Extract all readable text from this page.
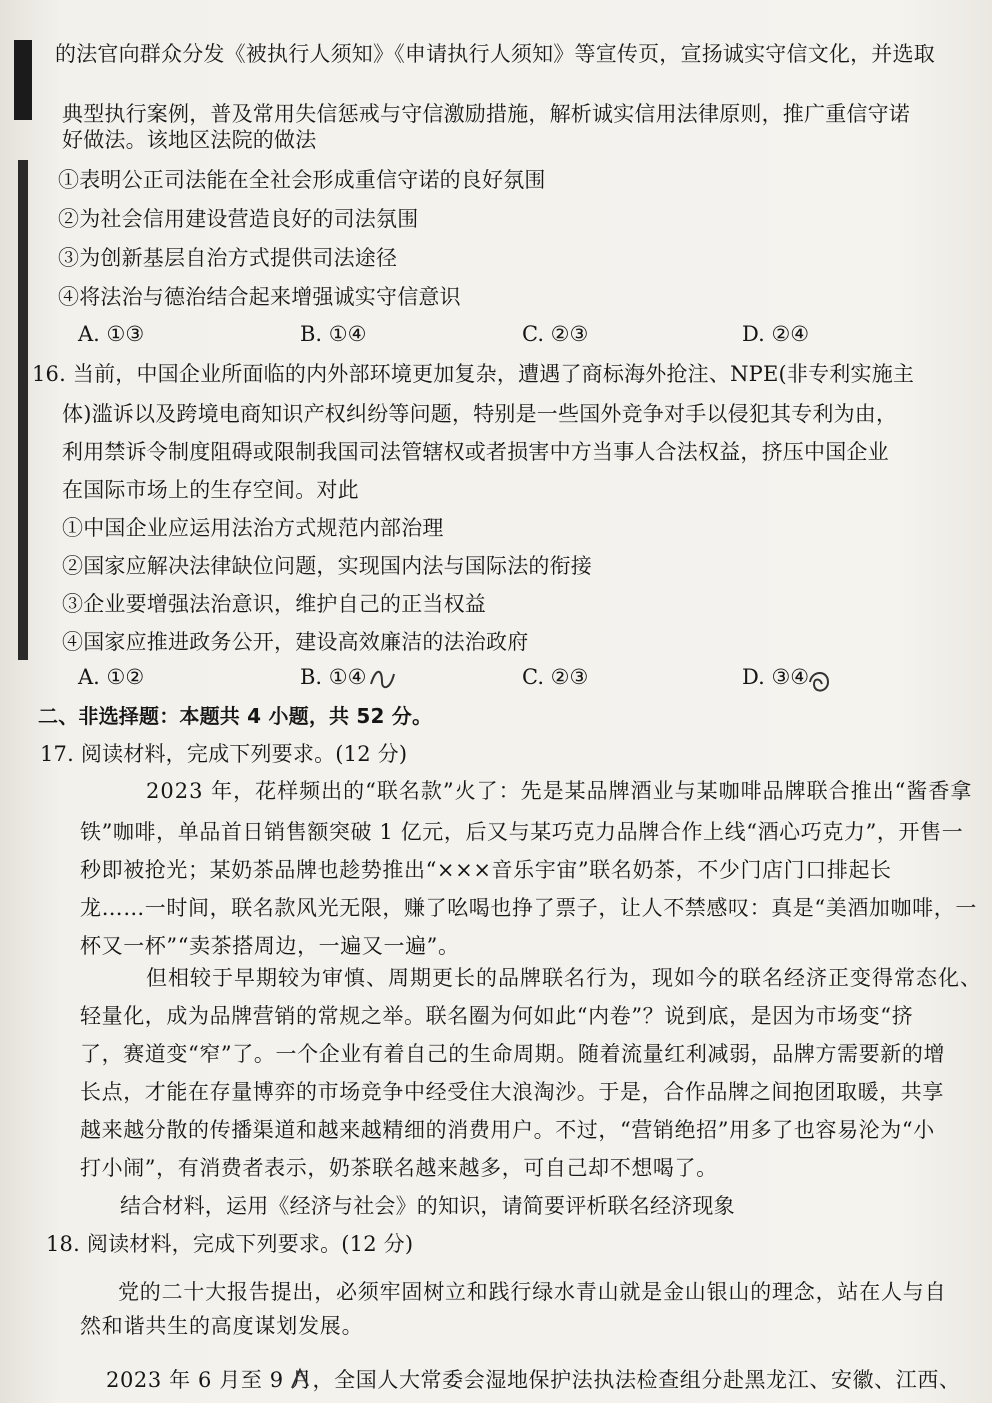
的法官向群众分发《被执行人须知》《申请执行人须知》等宣传页，宣扬诚实守信文化，并选取
典型执行案例，普及常用失信惩戒与守信激励措施，解析诚实信用法律原则，推广重信守诺
好做法。该地区法院的做法
①表明公正司法能在全社会形成重信守诺的良好氛围
②为社会信用建设营造良好的司法氛围
③为创新基层自治方式提供司法途径
④将法治与德治结合起来增强诚实守信意识
A. ①③	B. ①④	C. ②③	D. ②④
16. 当前，中国企业所面临的内外部环境更加复杂，遭遇了商标海外抢注、NPE(非专利实施主
体)滥诉以及跨境电商知识产权纠纷等问题，特别是一些国外竞争对手以侵犯其专利为由，
利用禁诉令制度阻碍或限制我国司法管辖权或者损害中方当事人合法权益，挤压中国企业
在国际市场上的生存空间。对此
①中国企业应运用法治方式规范内部治理
②国家应解决法律缺位问题，实现国内法与国际法的衔接
③企业要增强法治意识，维护自己的正当权益
④国家应推进政务公开，建设高效廉洁的法治政府
A. ①②	B. ①④	C. ②③	D. ③④
二、非选择题：本题共 4 小题，共 52 分。
17. 阅读材料，完成下列要求。(12 分)
2023 年，花样频出的“联名款”火了：先是某品牌酒业与某咖啡品牌联合推出“酱香拿
铁”咖啡，单品首日销售额突破 1 亿元，后又与某巧克力品牌合作上线“酒心巧克力”，开售一
秒即被抢光；某奶茶品牌也趁势推出“×××音乐宇宙”联名奶茶，不少门店门口排起长
龙……一时间，联名款风光无限，赚了吆喝也挣了票子，让人不禁感叹：真是“美酒加咖啡，一
杯又一杯”“卖茶搭周边，一遍又一遍”。
但相较于早期较为审慎、周期更长的品牌联名行为，现如今的联名经济正变得常态化、
轻量化，成为品牌营销的常规之举。联名圈为何如此“内卷”？说到底，是因为市场变“挤
了，赛道变“窄”了。一个企业有着自己的生命周期。随着流量红利减弱，品牌方需要新的增
长点，才能在存量博弈的市场竞争中经受住大浪淘沙。于是，合作品牌之间抱团取暖，共享
越来越分散的传播渠道和越来越精细的消费用户。不过，“营销绝招”用多了也容易沦为“小
打小闹”，有消费者表示，奶茶联名越来越多，可自己却不想喝了。
结合材料，运用《经济与社会》的知识，请简要评析联名经济现象
18. 阅读材料，完成下列要求。(12 分)
党的二十大报告提出，必须牢固树立和践行绿水青山就是金山银山的理念，站在人与自
然和谐共生的高度谋划发展。
2023 年 6 月至 9 月，全国人大常委会湿地保护法执法检查组分赴黑龙江、安徽、江西、
